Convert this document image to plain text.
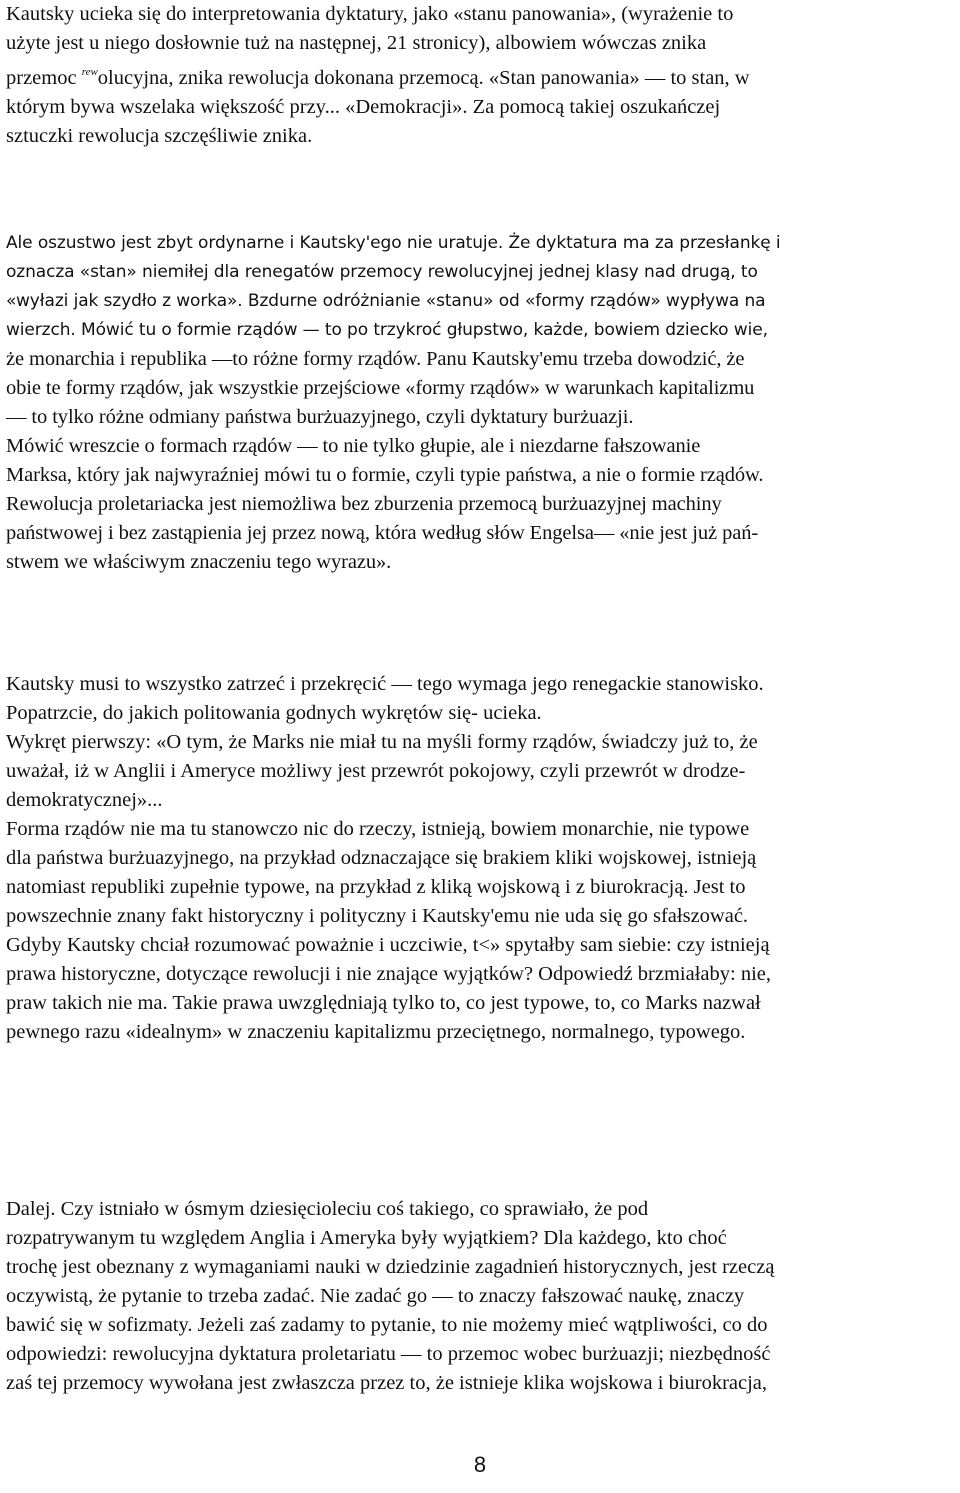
Kautsky ucieka się do interpretowania dyktatury, jako «stanu panowania», (wyrażenie to
użyte jest u niego dosłownie tuż na następnej, 21 stronicy), albowiem wówczas znika
przemoc $^{rew}$olucyjna, znika rewolucja dokonana przemocą. «Stan panowania» — to stan, w
którym bywa wszelaka większość przy... «Demokracji». Za pomocą takiej oszukańczej
sztuczki rewolucja szczęśliwie znika.
Ale oszustwo jest zbyt ordynarne i Kautsky'ego nie uratuje. Że dyktatura ma za przesłankę i
oznacza «stan» niemiłej dla renegatów przemocy rewolucyjnej jednej klasy nad drugą, to
«wyłazi jak szydło z worka». Bzdurne odróżnianie «stanu» od «formy rządów» wypływa na
wierzch. Mówić tu o formie rządów — to po trzykroć głupstwo, każde, bowiem dziecko wie,
że monarchia i republika —to różne formy rządów. Panu Kautsky'emu trzeba dowodzić, że
obie te formy rządów, jak wszystkie przejściowe «formy rządów» w warunkach kapitalizmu
— to tylko różne odmiany państwa burżuazyjnego, czyli dyktatury burżuazji.
Mówić wreszcie o formach rządów — to nie tylko głupie, ale i niezdarne fałszowanie
Marksa, który jak najwyraźniej mówi tu o formie, czyli typie państwa, a nie o formie rządów.
Rewolucja proletariacka jest niemożliwa bez zburzenia przemocą burżuazyjnej machiny
państwowej i bez zastąpienia jej przez nową, która według słów Engelsa— «nie jest już pań-
stwem we właściwym znaczeniu tego wyrazu».
Kautsky musi to wszystko zatrzeć i przekręcić — tego wymaga jego renegackie stanowisko.
Popatrzcie, do jakich politowania godnych wykrętów się- ucieka.
Wykręt pierwszy: «O tym, że Marks nie miał tu na myśli formy rządów, świadczy już to, że
uważał, iż w Anglii i Ameryce możliwy jest przewrót pokojowy, czyli przewrót w drodze-
demokratycznej»...
Forma rządów nie ma tu stanowczo nic do rzeczy, istnieją, bowiem monarchie, nie typowe
dla państwa burżuazyjnego, na przykład odznaczające się brakiem kliki wojskowej, istnieją
natomiast republiki zupełnie typowe, na przykład z kliką wojskową i z biurokracją. Jest to
powszechnie znany fakt historyczny i polityczny i Kautsky'emu nie uda się go sfałszować.
Gdyby Kautsky chciał rozumować poważnie i uczciwie, t<» spytałby sam siebie: czy istnieją
prawa historyczne, dotyczące rewolucji i nie znające wyjątków? Odpowiedź brzmiałaby: nie,
praw takich nie ma. Takie prawa uwzględniają tylko to, co jest typowe, to, co Marks nazwał
pewnego razu «idealnym» w znaczeniu kapitalizmu przeciętnego, normalnego, typowego.
Dalej. Czy istniało w ósmym dziesięcioleciu coś takiego, co sprawiało, że pod
rozpatrywanym tu względem Anglia i Ameryka były wyjątkiem? Dla każdego, kto choć
trochę jest obeznany z wymaganiami nauki w dziedzinie zagadnień historycznych, jest rzeczą
oczywistą, że pytanie to trzeba zadać. Nie zadać go — to znaczy fałszować naukę, znaczy
bawić się w sofizmaty. Jeżeli zaś zadamy to pytanie, to nie możemy mieć wątpliwości, co do
odpowiedzi: rewolucyjna dyktatura proletariatu — to przemoc wobec burżuazji; niezbędność
zaś tej przemocy wywołana jest zwłaszcza przez to, że istnieje klika wojskowa i biurokracja,
8
